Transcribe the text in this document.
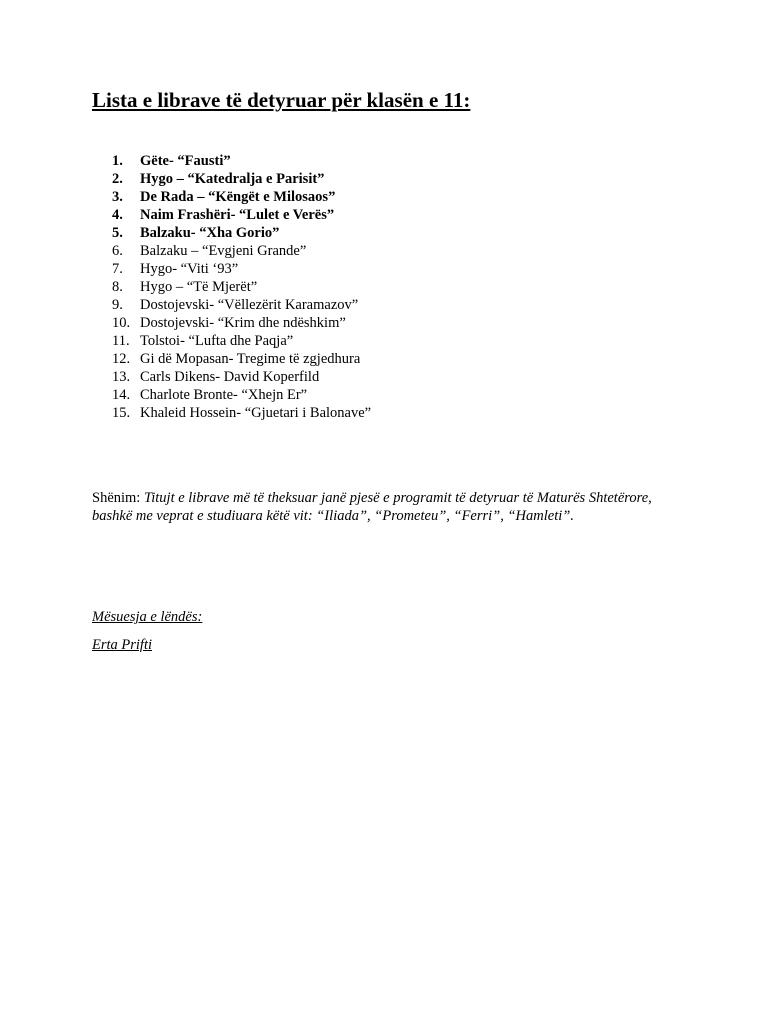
Lista e librave të detyruar për klasën e 11:
1.	Gëte- “Fausti”
2.	Hygo – “Katedralja e Parisit”
3.	De Rada – “Këngët e Milosaos”
4.	Naim Frashëri- “Lulet e Verës”
5.	Balzaku- “Xha Gorio”
6.	Balzaku – “Evgjeni Grande”
7.	Hygo- “Viti ‘93”
8.	Hygo – “Të Mjerët”
9.	Dostojevski- “Vëllezërit Karamazov”
10. Dostojevski- “Krim dhe ndëshkim”
11. Tolstoi- “Lufta dhe Paqja”
12. Gi dë Mopasan- Tregime të zgjedhura
13. Carls Dikens- David Koperfild
14. Charlote Bronte- “Xhejn Er”
15. Khaleid Hossein- “Gjuetari i Balonave”

Shënim: Titujt e librave më të theksuar janë pjesë e programit të detyruar të Maturës Shtetërore, bashkë me veprat e studiuara këtë vit: “Iliada”, “Prometeu”, “Ferri”, “Hamleti”.

Mësuesja e lëndës:

Erta Prifti
